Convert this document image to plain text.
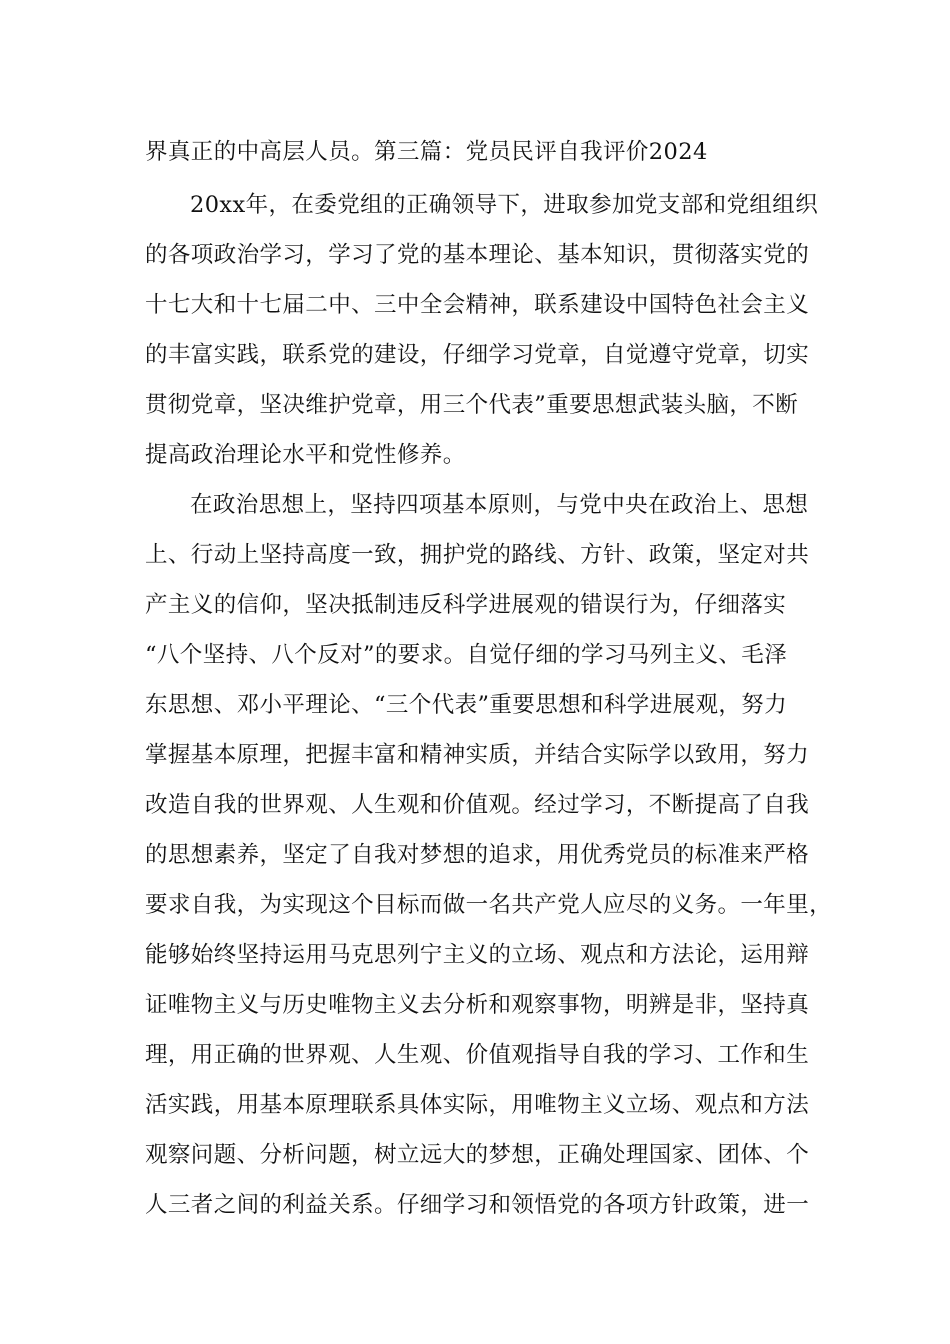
界真正的中高层人员。第三篇：党员民评自我评价2024
20xx年，在委党组的正确领导下，进取参加党支部和党组组织
的各项政治学习，学习了党的基本理论、基本知识，贯彻落实党的
十七大和十七届二中、三中全会精神，联系建设中国特色社会主义
的丰富实践，联系党的建设，仔细学习党章，自觉遵守党章，切实
贯彻党章，坚决维护党章，用三个代表”重要思想武装头脑，不断
提高政治理论水平和党性修养。
在政治思想上，坚持四项基本原则，与党中央在政治上、思想
上、行动上坚持高度一致，拥护党的路线、方针、政策，坚定对共
产主义的信仰，坚决抵制违反科学进展观的错误行为，仔细落实
“八个坚持、八个反对”的要求。自觉仔细的学习马列主义、毛泽
东思想、邓小平理论、“三个代表”重要思想和科学进展观，努力
掌握基本原理，把握丰富和精神实质，并结合实际学以致用，努力
改造自我的世界观、人生观和价值观。经过学习，不断提高了自我
的思想素养，坚定了自我对梦想的追求，用优秀党员的标准来严格
要求自我，为实现这个目标而做一名共产党人应尽的义务。一年里，
能够始终坚持运用马克思列宁主义的立场、观点和方法论，运用辩
证唯物主义与历史唯物主义去分析和观察事物，明辨是非，坚持真
理，用正确的世界观、人生观、价值观指导自我的学习、工作和生
活实践，用基本原理联系具体实际，用唯物主义立场、观点和方法
观察问题、分析问题，树立远大的梦想，正确处理国家、团体、个
人三者之间的利益关系。仔细学习和领悟党的各项方针政策，进一
